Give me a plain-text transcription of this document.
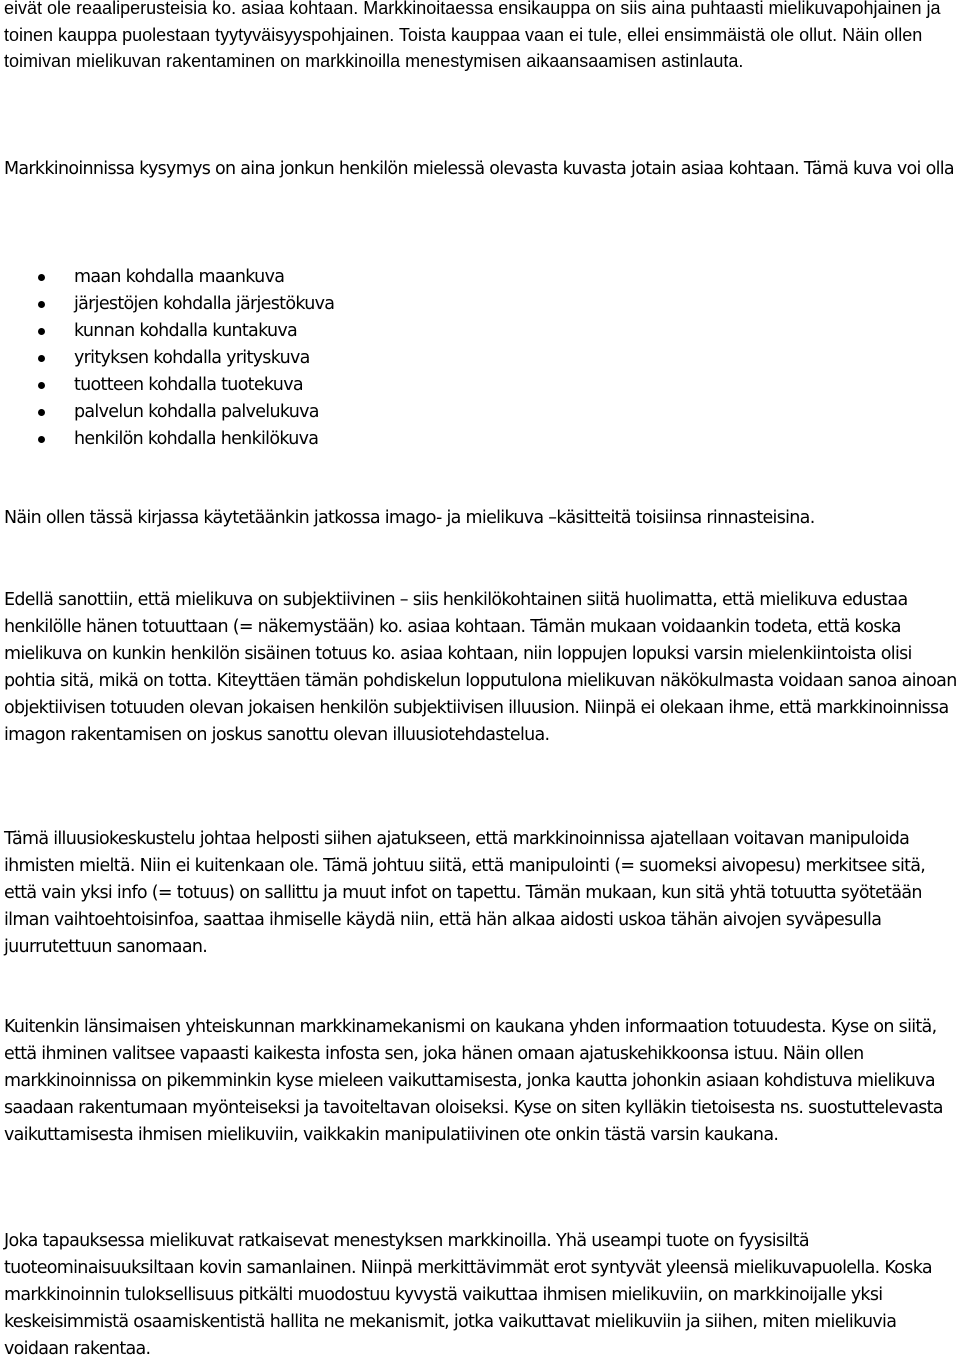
eivät ole reaaliperusteisia ko. asiaa kohtaan. Markkinoitaessa ensikauppa on siis aina puhtaasti mielikuvapohjainen ja toinen kauppa puolestaan tyytyväisyyspohjainen. Toista kauppaa vaan ei tule, ellei ensimmäistä ole ollut. Näin ollen toimivan mielikuvan rakentaminen on markkinoilla menestymisen aikaansaamisen astinlauta.

Markkinoinnissa kysymys on aina jonkun henkilön mielessä olevasta kuvasta jotain asiaa kohtaan. Tämä kuva voi olla

maan kohdalla maankuva
järjestöjen kohdalla järjestökuva
kunnan kohdalla kuntakuva
yrityksen kohdalla yrityskuva
tuotteen kohdalla tuotekuva
palvelun kohdalla palvelukuva
henkilön kohdalla henkilökuva

Näin ollen tässä kirjassa käytetäänkin jatkossa imago- ja mielikuva –käsitteitä toisiinsa rinnasteisina.

Edellä sanottiin, että mielikuva on subjektiivinen – siis henkilökohtainen siitä huolimatta, että mielikuva edustaa henkilölle hänen totuuttaan (= näkemystään) ko. asiaa kohtaan. Tämän mukaan voidaankin todeta, että koska mielikuva on kunkin henkilön sisäinen totuus ko. asiaa kohtaan, niin loppujen lopuksi varsin mielenkiintoista olisi pohtia sitä, mikä on totta. Kiteyttäen tämän pohdiskelun lopputulona mielikuvan näkökulmasta voidaan sanoa ainoan objektiivisen totuuden olevan jokaisen henkilön subjektiivisen illuusion. Niinpä ei olekaan ihme, että markkinoinnissa imagon rakentamisen on joskus sanottu olevan illuusiotehdastelua.

Tämä illuusiokeskustelu johtaa helposti siihen ajatukseen, että markkinoinnissa ajatellaan voitavan manipuloida ihmisten mieltä. Niin ei kuitenkaan ole. Tämä johtuu siitä, että manipulointi (= suomeksi aivopesu) merkitsee sitä, että vain yksi info (= totuus) on sallittu ja muut infot on tapettu. Tämän mukaan, kun sitä yhtä totuutta syötetään ilman vaihtoehtoisinfoa, saattaa ihmiselle käydä niin, että hän alkaa aidosti uskoa tähän aivojen syväpesulla juurrutettuun sanomaan.

Kuitenkin länsimaisen yhteiskunnan markkinamekanismi on kaukana yhden informaation totuudesta. Kyse on siitä, että ihminen valitsee vapaasti kaikesta infosta sen, joka hänen omaan ajatuskehikkoonsa istuu. Näin ollen markkinoinnissa on pikemminkin kyse mieleen vaikuttamisesta, jonka kautta johonkin asiaan kohdistuva mielikuva saadaan rakentumaan myönteiseksi ja tavoiteltavan oloiseksi. Kyse on siten kylläkin tietoisesta ns. suostuttelevasta vaikuttamisesta ihmisen mielikuviin, vaikkakin manipulatiivinen ote onkin tästä varsin kaukana.

Joka tapauksessa mielikuvat ratkaisevat menestyksen markkinoilla. Yhä useampi tuote on fyysisiltä tuoteominaisuuksiltaan kovin samanlainen. Niinpä merkittävimmät erot syntyvät yleensä mielikuvapuolella. Koska markkinoinnin tuloksellisuus pitkälti muodostuu kyvystä vaikuttaa ihmisen mielikuviin, on markkinoijalle yksi keskeisimmistä osaamiskentistä hallita ne mekanismit, jotka vaikuttavat mielikuviin ja siihen, miten mielikuvia voidaan rakentaa.
